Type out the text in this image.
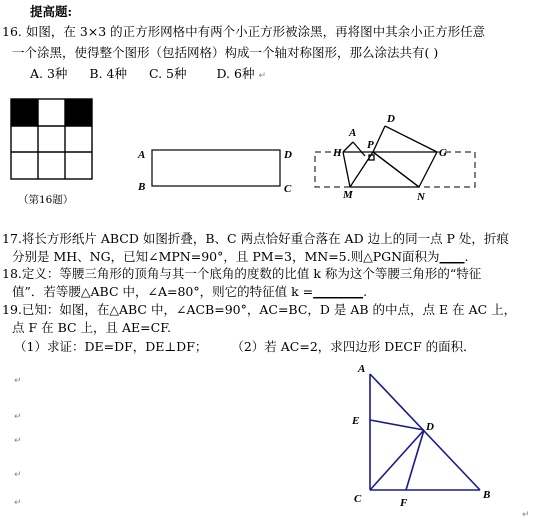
提高题:
16. 如图，在 3×3 的正方形网格中有两个小正方形被涂黑，再将图中其余小正方形任意
一个涂黑，使得整个图形（包括网格）构成一个轴对称图形，那么涂法共有( )
A. 3种 B. 4种 C. 5种 D. 6种 ↵
（第16题）
A
B
D
C
A
D
P
H	G
M	N
17.将长方形纸片 ABCD 如图折叠，B、C 两点恰好重合落在 AD 边上的同一点 P 处，折痕
分别是 MH、NG，已知∠MPN=90°，且 PM=3，MN=5.则△PGN面积为____.
18.定义：等腰三角形的顶角与其一个底角的度数的比值 k 称为这个等腰三角形的“特征
值”．若等腰△ABC 中，∠A=80°，则它的特征值 k =________.
19.已知：如图，在△ABC 中，∠ACB=90°，AC=BC，D 是 AB 的中点，点 E 在 AC 上，
点 F 在 BC 上，且 AE=CF.
（1）求证：DE=DF，DE⊥DF； （2）若 AC=2，求四边形 DECF 的面积．
↵
↵
↵
↵
↵
↵
A
E	D
C	F
B
